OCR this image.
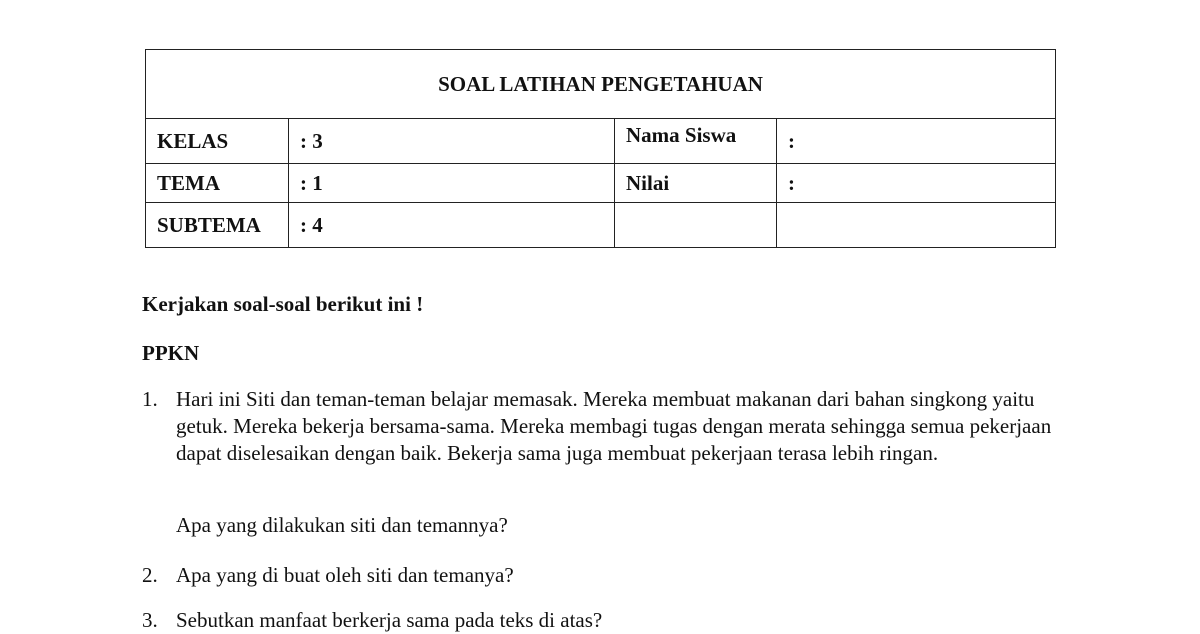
SOAL LATIHAN PENGETAHUAN			
KELAS	: 3	Nama Siswa	:
TEMA	: 1	Nilai	:
SUBTEMA	: 4		
Kerjakan soal-soal berikut ini !
PPKN
1. Hari ini Siti dan teman-teman belajar memasak. Mereka membuat makanan dari bahan singkong yaitu getuk. Mereka bekerja bersama-sama. Mereka membagi tugas dengan merata sehingga semua pekerjaan dapat diselesaikan dengan baik. Bekerja sama juga membuat pekerjaan terasa lebih ringan.
Apa yang dilakukan siti dan temannya?
2. Apa yang di buat oleh siti dan temanya?
3. Sebutkan manfaat berkerja sama pada teks di atas?
